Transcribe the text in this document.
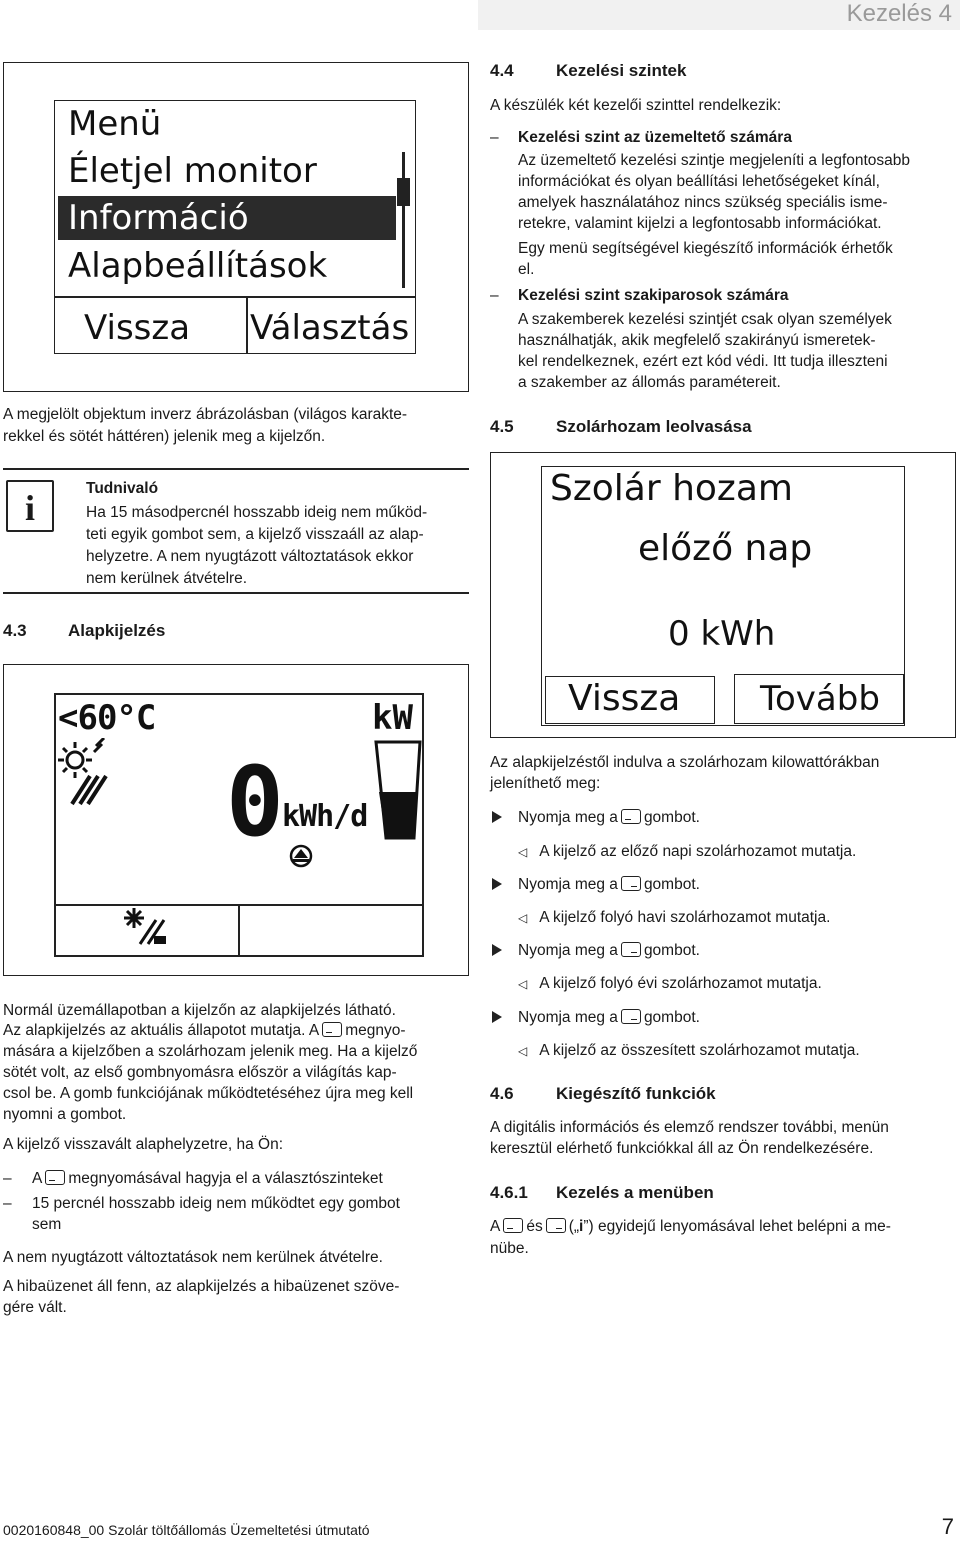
Kezelés 4
Menü
Életjel monitor
Információ
Alapbeállítások
Vissza Választás
A megjelölt objektum inverz ábrázolásban (világos karakte-
rekkel és sötét háttéren) jelenik meg a kijelzőn.
i	Tudnivaló
Ha 15 másodpercnél hosszabb ideig nem működ-
teti egyik gombot sem, a kijelző visszaáll az alap-
helyzetre. A nem nyugtázott változtatások ekkor
nem kerülnek átvételre.
4.3 Alapkijelzés
<60°C	kW
0
kWh/d
Normál üzemállapotban a kijelzőn az alapkijelzés látható.
Az alapkijelzés az aktuális állapotot mutatja. A megnyo-
mására a kijelzőben a szolárhozam jelenik meg. Ha a kijelző
sötét volt, az első gombnyomásra először a világítás kap-
csol be. A gomb funkciójának működtetéséhez újra meg kell
nyomni a gombot.
A kijelző visszavált alaphelyzetre, ha Ön:
– A megnyomásával hagyja el a választószinteket
– 15 percnél hosszabb ideig nem működtet egy gombot
sem
A nem nyugtázott változtatások nem kerülnek átvételre.
A hibaüzenet áll fenn, az alapkijelzés a hibaüzenet szöve-
gére vált.
4.4 Kezelési szintek
A készülék két kezelői szinttel rendelkezik:
– Kezelési szint az üzemeltető számára
Az üzemeltető kezelési szintje megjeleníti a legfontosabb
információkat és olyan beállítási lehetőségeket kínál,
amelyek használatához nincs szükség speciális isme-
retekre, valamint kijelzi a legfontosabb információkat.
Egy menü segítségével kiegészítő információk érhetők
el.
– Kezelési szint szakiparosok számára
A szakemberek kezelési szintjét csak olyan személyek
használhatják, akik megfelelő szakirányú ismeretek-
kel rendelkeznek, ezért ezt kód védi. Itt tudja illeszteni
a szakember az állomás paramétereit.
4.5 Szolárhozam leolvasása
Szolár hozam
előző nap
0 kWh
Vissza Tovább
Az alapkijelzéstől indulva a szolárhozam kilowattórákban
jeleníthető meg:
Nyomja meg a gombot.
◁ A kijelző az előző napi szolárhozamot mutatja.
Nyomja meg a gombot.
◁ A kijelző folyó havi szolárhozamot mutatja.
Nyomja meg a gombot.
◁ A kijelző folyó évi szolárhozamot mutatja.
Nyomja meg a gombot.
◁ A kijelző az összesített szolárhozamot mutatja.
4.6 Kiegészítő funkciók
A digitális információs és elemző rendszer további, menün
keresztül elérhető funkciókkal áll az Ön rendelkezésére.
4.6.1 Kezelés a menüben
A és („i”) egyidejű lenyomásával lehet belépni a me-
nübe.
0020160848_00 Szolár töltőállomás Üzemeltetési útmutató	7
